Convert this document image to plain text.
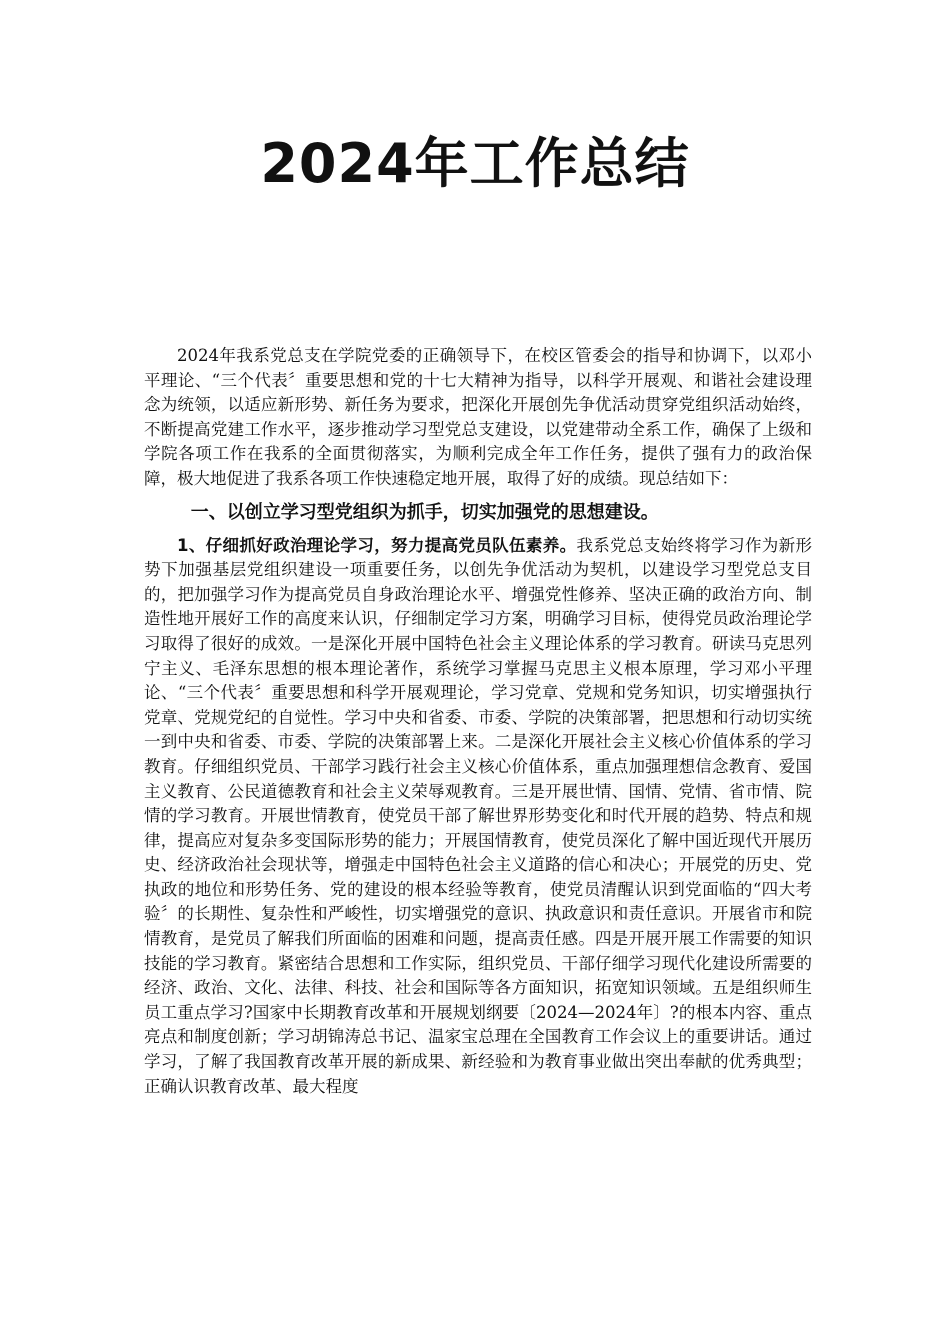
2024年工作总结

2024年我系党总支在学院党委的正确领导下，在校区管委会的指导和协调下，以邓小平理论、“三个代表〞重要思想和党的十七大精神为指导，以科学开展观、和谐社会建设理念为统领，以适应新形势、新任务为要求，把深化开展创先争优活动贯穿党组织活动始终，不断提高党建工作水平，逐步推动学习型党总支建设，以党建带动全系工作，确保了上级和学院各项工作在我系的全面贯彻落实，为顺利完成全年工作任务，提供了强有力的政治保障，极大地促进了我系各项工作快速稳定地开展，取得了好的成绩。现总结如下：

一、以创立学习型党组织为抓手，切实加强党的思想建设。

1、仔细抓好政治理论学习，努力提高党员队伍素养。我系党总支始终将学习作为新形势下加强基层党组织建设一项重要任务，以创先争优活动为契机，以建设学习型党总支目的，把加强学习作为提高党员自身政治理论水平、增强党性修养、坚决正确的政治方向、制造性地开展好工作的高度来认识，仔细制定学习方案，明确学习目标，使得党员政治理论学习取得了很好的成效。一是深化开展中国特色社会主义理论体系的学习教育。研读马克思列宁主义、毛泽东思想的根本理论著作，系统学习掌握马克思主义根本原理，学习邓小平理论、“三个代表〞重要思想和科学开展观理论，学习党章、党规和党务知识，切实增强执行党章、党规党纪的自觉性。学习中央和省委、市委、学院的决策部署，把思想和行动切实统一到中央和省委、市委、学院的决策部署上来。二是深化开展社会主义核心价值体系的学习教育。仔细组织党员、干部学习践行社会主义核心价值体系，重点加强理想信念教育、爱国主义教育、公民道德教育和社会主义荣辱观教育。三是开展世情、国情、党情、省市情、院情的学习教育。开展世情教育，使党员干部了解世界形势变化和时代开展的趋势、特点和规律，提高应对复杂多变国际形势的能力；开展国情教育，使党员深化了解中国近现代开展历史、经济政治社会现状等，增强走中国特色社会主义道路的信心和决心；开展党的历史、党执政的地位和形势任务、党的建设的根本经验等教育，使党员清醒认识到党面临的“四大考验〞的长期性、复杂性和严峻性，切实增强党的意识、执政意识和责任意识。开展省市和院情教育，是党员了解我们所面临的困难和问题，提高责任感。四是开展开展工作需要的知识技能的学习教育。紧密结合思想和工作实际，组织党员、干部仔细学习现代化建设所需要的经济、政治、文化、法律、科技、社会和国际等各方面知识，拓宽知识领域。五是组织师生员工重点学习?国家中长期教育改革和开展规划纲要〔2024—2024年〕?的根本内容、重点亮点和制度创新；学习胡锦涛总书记、温家宝总理在全国教育工作会议上的重要讲话。通过学习，了解了我国教育改革开展的新成果、新经验和为教育事业做出突出奉献的优秀典型；正确认识教育改革、最大程度
